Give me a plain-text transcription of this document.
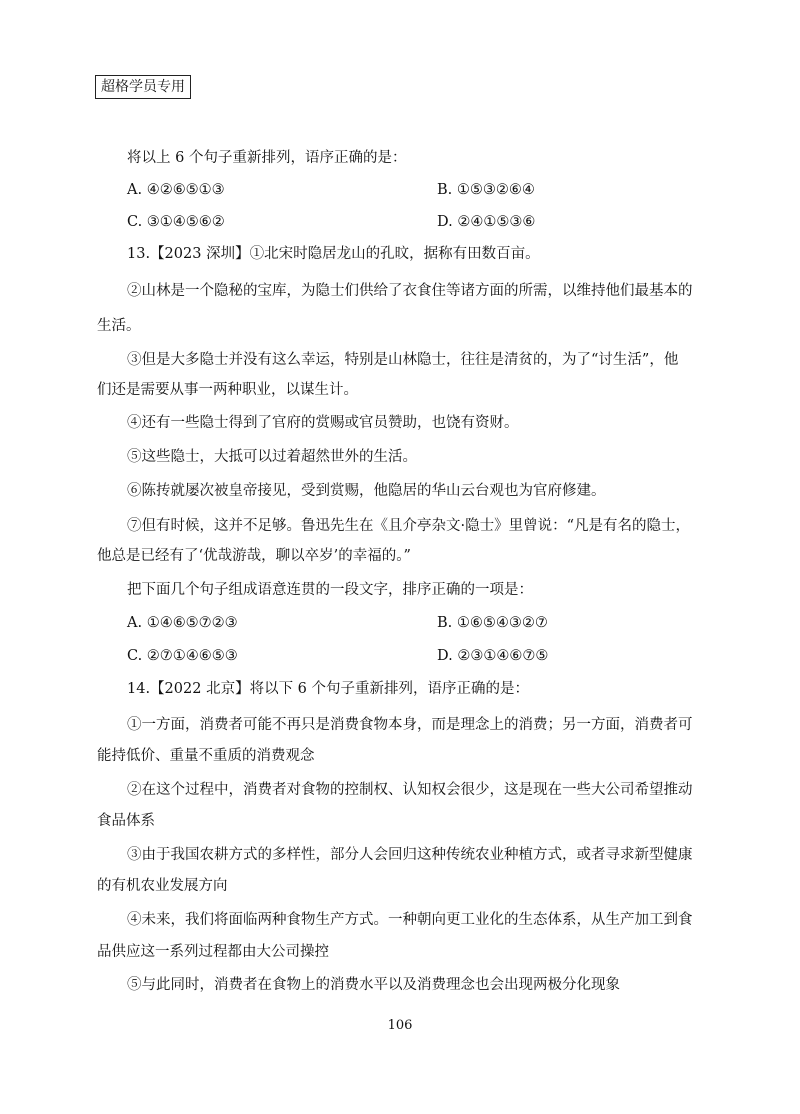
超格学员专用
将以上 6 个句子重新排列，语序正确的是：
A. ④②⑥⑤①③	B. ①⑤③②⑥④
C. ③①④⑤⑥②	D. ②④①⑤③⑥
13.【2023 深圳】①北宋时隐居龙山的孔旼，据称有田数百亩。
②山林是一个隐秘的宝库，为隐士们供给了衣食住等诸方面的所需，以维持他们最基本的
生活。
③但是大多隐士并没有这么幸运，特别是山林隐士，往往是清贫的，为了“讨生活”，他
们还是需要从事一两种职业，以谋生计。
④还有一些隐士得到了官府的赏赐或官员赞助，也饶有资财。
⑤这些隐士，大抵可以过着超然世外的生活。
⑥陈抟就屡次被皇帝接见，受到赏赐，他隐居的华山云台观也为官府修建。
⑦但有时候，这并不足够。鲁迅先生在《且介亭杂文·隐士》里曾说：“凡是有名的隐士，
他总是已经有了‘优哉游哉，聊以卒岁’的幸福的。”
把下面几个句子组成语意连贯的一段文字，排序正确的一项是：
A. ①④⑥⑤⑦②③	B. ①⑥⑤④③②⑦
C. ②⑦①④⑥⑤③	D. ②③①④⑥⑦⑤
14.【2022 北京】将以下 6 个句子重新排列，语序正确的是：
①一方面，消费者可能不再只是消费食物本身，而是理念上的消费；另一方面，消费者可
能持低价、重量不重质的消费观念
②在这个过程中，消费者对食物的控制权、认知权会很少，这是现在一些大公司希望推动
食品体系
③由于我国农耕方式的多样性，部分人会回归这种传统农业种植方式，或者寻求新型健康
的有机农业发展方向
④未来，我们将面临两种食物生产方式。一种朝向更工业化的生态体系，从生产加工到食
品供应这一系列过程都由大公司操控
⑤与此同时，消费者在食物上的消费水平以及消费理念也会出现两极分化现象
106
